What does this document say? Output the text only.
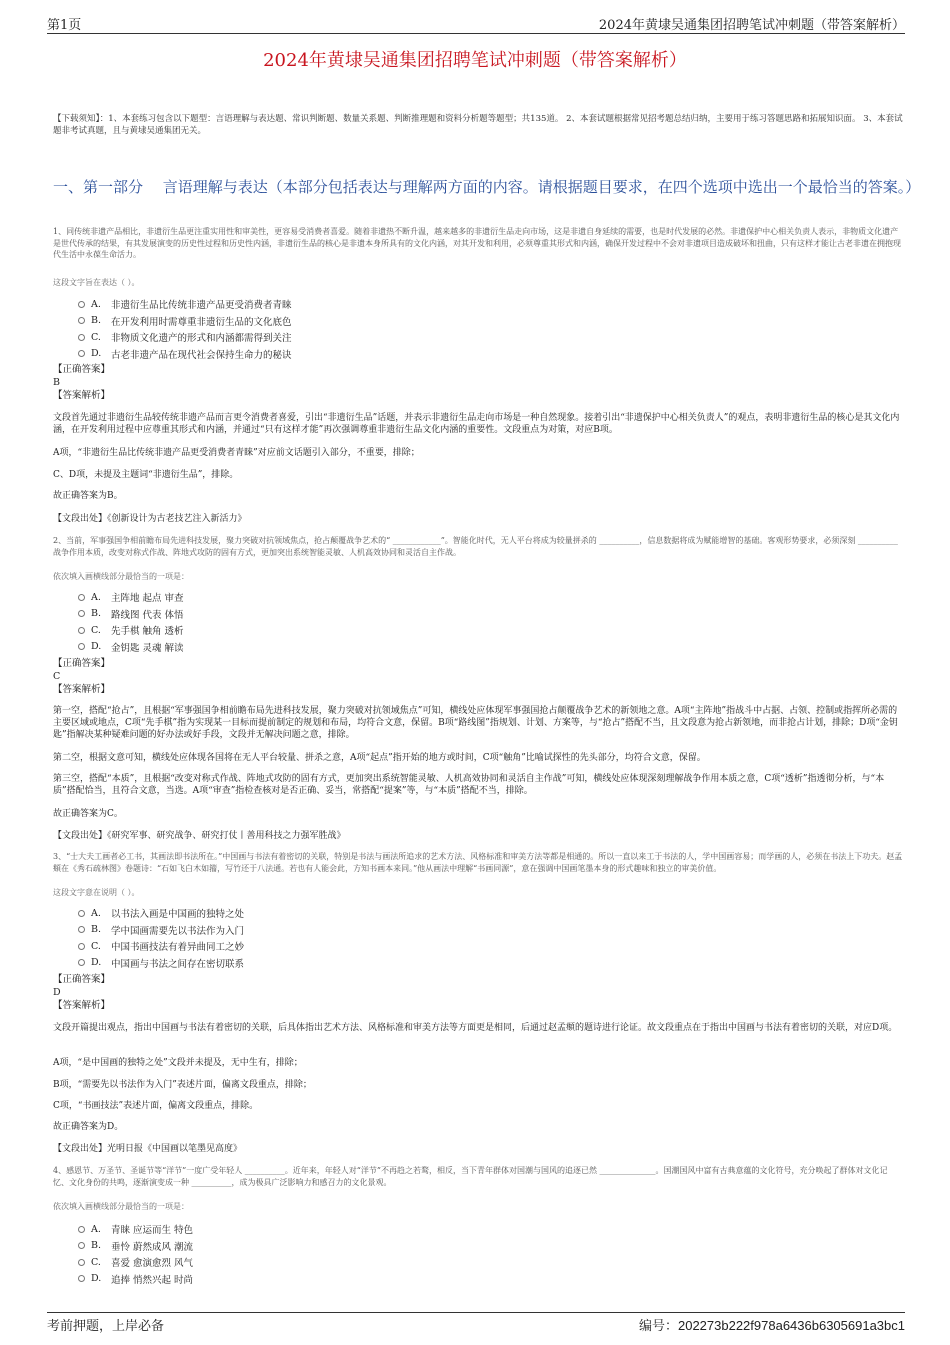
第1页	2024年黄埭吴通集团招聘笔试冲刺题（带答案解析）
2024年黄埭吴通集团招聘笔试冲刺题（带答案解析）
【下载须知】：1、本套练习包含以下题型：言语理解与表达题、常识判断题、数量关系题、判断推理题和资料分析题等题型；共135道。 2、本套试题根据常见招考题总结归纳，主要用于练习答题思路和拓展知识面。 3、本套试题非考试真题，且与黄埭吴通集团无关。
一、第一部分　 言语理解与表达（本部分包括表达与理解两方面的内容。请根据题目要求，在四个选项中选出一个最恰当的答案。）
1、同传统非遗产品相比，非遗衍生品更注重实用性和审美性，更容易受消费者喜爱。随着非遗热不断升温，越来越多的非遗衍生品走向市场，这是非遗自身延续的需要，也是时代发展的必然。非遗保护中心相关负责人表示，非物质文化遗产是世代传承的结果，有其发展演变的历史性过程和历史性内涵，非遗衍生品的核心是非遗本身所具有的文化内涵，对其开发和利用，必须尊重其形式和内涵，确保开发过程中不会对非遗项目造成破坏和扭曲，只有这样才能让古老非遗在拥抱现代生活中永葆生命活力。
这段文字旨在表达（ ）。
A.	非遗衍生品比传统非遗产品更受消费者青睐
B.	在开发利用时需尊重非遗衍生品的文化底色
C.	非物质文化遗产的形式和内涵都需得到关注
D.	古老非遗产品在现代社会保持生命力的秘诀
【正确答案】
B
【答案解析】
文段首先通过非遗衍生品较传统非遗产品而言更令消费者喜爱，引出“非遗衍生品”话题，并表示非遗衍生品走向市场是一种自然现象。接着引出“非遗保护中心相关负责人”的观点，表明非遗衍生品的核心是其文化内涵，在开发利用过程中应尊重其形式和内涵，并通过“只有这样才能”再次强调尊重非遗衍生品文化内涵的重要性。文段重点为对策，对应B项。
A项，“非遗衍生品比传统非遗产品更受消费者青睐”对应前文话题引入部分，不重要，排除；
C、D项，未提及主题词“非遗衍生品”，排除。
故正确答案为B。
【文段出处】《创新设计为古老技艺注入新活力》
2、当前，军事强国争相前瞻布局先进科技发展，聚力突破对抗领域焦点，抢占颠覆战争艺术的“ ____________”。智能化时代，无人平台将成为较量拼杀的 __________，信息数据将成为赋能增智的基础。客观形势要求，必须深刻 __________战争作用本质，改变对称式作战、阵地式攻防的固有方式，更加突出系统智能灵敏、人机高效协同和灵活自主作战。
依次填入画横线部分最恰当的一项是：
A.	主阵地 起点 审查
B.	路线图 代表 体悟
C.	先手棋 触角 透析
D.	金钥匙 灵魂 解读
【正确答案】
C
【答案解析】
第一空，搭配“抢占”，且根据“军事强国争相前瞻布局先进科技发展，聚力突破对抗领域焦点”可知，横线处应体现军事强国抢占颠覆战争艺术的新领地之意。A项“主阵地”指战斗中占据、占领、控制或指挥所必需的主要区域或地点，C项“先手棋”指为实现某一目标而提前制定的规划和布局，均符合文意，保留。B项“路线图”指规划、计划、方案等，与“抢占”搭配不当，且文段意为抢占新领地，而非抢占计划，排除；D项“金钥匙”指解决某种疑难问题的好办法或好手段，文段并无解决问题之意，排除。
第二空，根据文意可知，横线处应体现各国将在无人平台较量、拼杀之意，A项“起点”指开始的地方或时间，C项“触角”比喻试探性的先头部分，均符合文意，保留。
第三空，搭配“本质”，且根据“改变对称式作战、阵地式攻防的固有方式，更加突出系统智能灵敏、人机高效协同和灵活自主作战”可知，横线处应体现深刻理解战争作用本质之意，C项“透析”指透彻分析，与“本质”搭配恰当，且符合文意，当选。A项“审查”指检查核对是否正确、妥当，常搭配“提案”等，与“本质”搭配不当，排除。
故正确答案为C。
【文段出处】《研究军事、研究战争、研究打仗丨善用科技之力强军胜战》
3、“士大夫工画者必工书，其画法即书法所在。”中国画与书法有着密切的关联，特别是书法与画法所追求的艺术方法、风格标准和审美方法等都是相通的。所以一直以来工于书法的人，学中国画容易；而学画的人，必须在书法上下功夫。赵孟頫在《秀石疏林图》卷题诗：“石如飞白木如籀，写竹还于八法通。若也有人能会此，方知书画本来同。”他从画法中理解“书画同源”，意在强调中国画笔墨本身的形式趣味和独立的审美价值。
这段文字意在说明（ ）。
A.	以书法入画是中国画的独特之处
B.	学中国画需要先以书法作为入门
C.	中国书画技法有着异曲同工之妙
D.	中国画与书法之间存在密切联系
【正确答案】
D
【答案解析】
文段开篇提出观点，指出中国画与书法有着密切的关联，后具体指出艺术方法、风格标准和审美方法等方面更是相同，后通过赵孟頫的题诗进行论证。故文段重点在于指出中国画与书法有着密切的关联，对应D项。
A项，“是中国画的独特之处”文段并未提及，无中生有，排除；
B项，“需要先以书法作为入门”表述片面，偏离文段重点，排除；
C项，“书画技法”表述片面，偏离文段重点，排除。
故正确答案为D。
【文段出处】光明日报《中国画以笔墨见高度》
4、感恩节、万圣节、圣诞节等“洋节”一度广受年轻人 __________。近年来，年轻人对“洋节”不再趋之若鹜，相反，当下青年群体对国潮与国风的追逐已然 ______________。国潮国风中富有古典意蕴的文化符号，充分唤起了群体对文化记忆、文化身份的共鸣，逐渐演变成一种 __________，成为极具广泛影响力和感召力的文化景观。
依次填入画横线部分最恰当的一项是：
A.	青睐 应运而生 特色
B.	垂怜 蔚然成风 潮流
C.	喜爱 愈演愈烈 风气
D.	追捧 悄然兴起 时尚
考前押题，上岸必备	编号：202273b222f978a6436b6305691a3bc1
